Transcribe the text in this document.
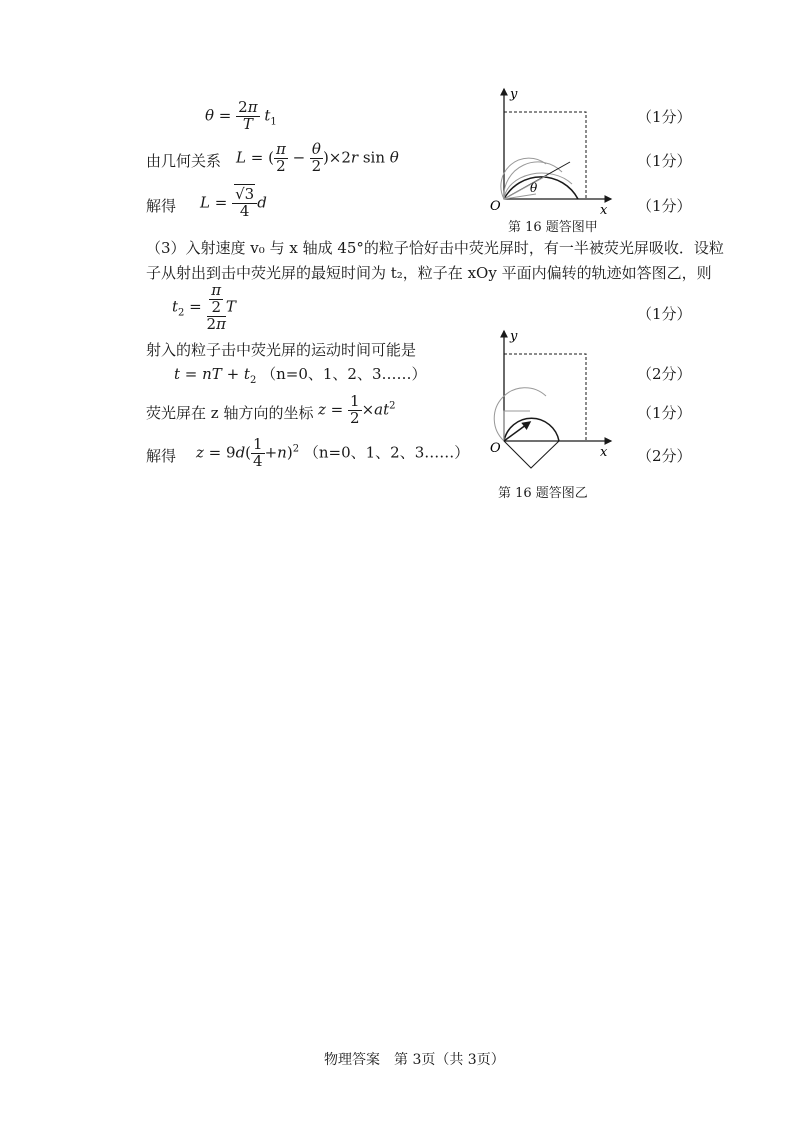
$\theta = \frac{2\pi}{T} t_1$
由几何关系 L = ( $\frac{\pi}{2} - \frac{\theta}{2} )\times 2r$ sin θ
解得 $L = \frac{√3}{4}$ d
（3）入射速度 v₀ 与 x 轴成 45°的粒子恰好击中荧光屏时，有一半被荧光屏吸收．设粒
子从射出到击中荧光屏的最短时间为 t₂，粒子在 xOy 平面内偏转的轨迹如答图乙，则
$t_2 = \frac{\frac{\pi}{2}}{2\pi}$ T
射入的粒子击中荧光屏的运动时间可能是
t = nT + $t_2$ （n=0、1、2、3……）
荧光屏在 z 轴方向的坐标 $z = \frac{1}{2} \times at^2$
解得 $z = 9d( \frac{1}{4} +n)^2$ （n=0、1、2、3……）
（1分）
（1分）
（1分）
（1分）
（2分）
（1分）
（2分）
y
x
O
θ
第 16 题答图甲
y
x
O
第 16 题答图乙
物理答案　第 3页（共 3页）
